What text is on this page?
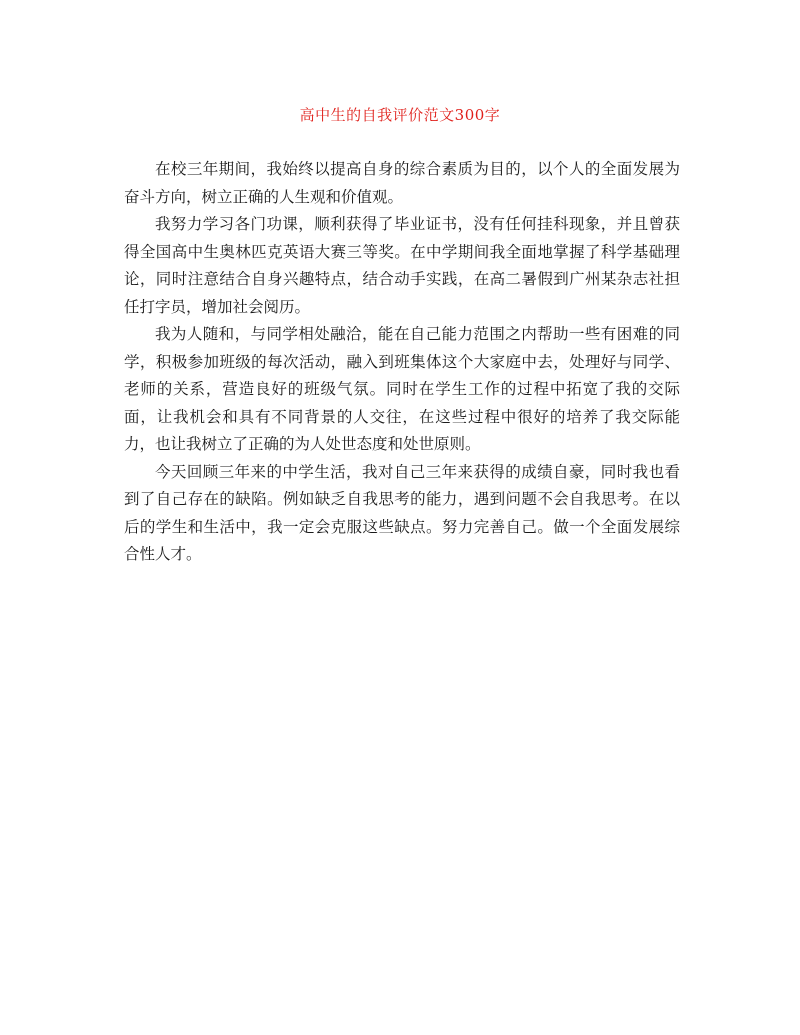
高中生的自我评价范文300字

在校三年期间，我始终以提高自身的综合素质为目的，以个人的全面发展为奋斗方向，树立正确的人生观和价值观。

我努力学习各门功课，顺利获得了毕业证书，没有任何挂科现象，并且曾获得全国高中生奥林匹克英语大赛三等奖。在中学期间我全面地掌握了科学基础理论，同时注意结合自身兴趣特点，结合动手实践，在高二暑假到广州某杂志社担任打字员，增加社会阅历。

我为人随和，与同学相处融洽，能在自己能力范围之内帮助一些有困难的同学，积极参加班级的每次活动，融入到班集体这个大家庭中去，处理好与同学、老师的关系，营造良好的班级气氛。同时在学生工作的过程中拓宽了我的交际面，让我机会和具有不同背景的人交往，在这些过程中很好的培养了我交际能力，也让我树立了正确的为人处世态度和处世原则。

今天回顾三年来的中学生活，我对自己三年来获得的成绩自豪，同时我也看到了自己存在的缺陷。例如缺乏自我思考的能力，遇到问题不会自我思考。在以后的学生和生活中，我一定会克服这些缺点。努力完善自己。做一个全面发展综合性人才。
